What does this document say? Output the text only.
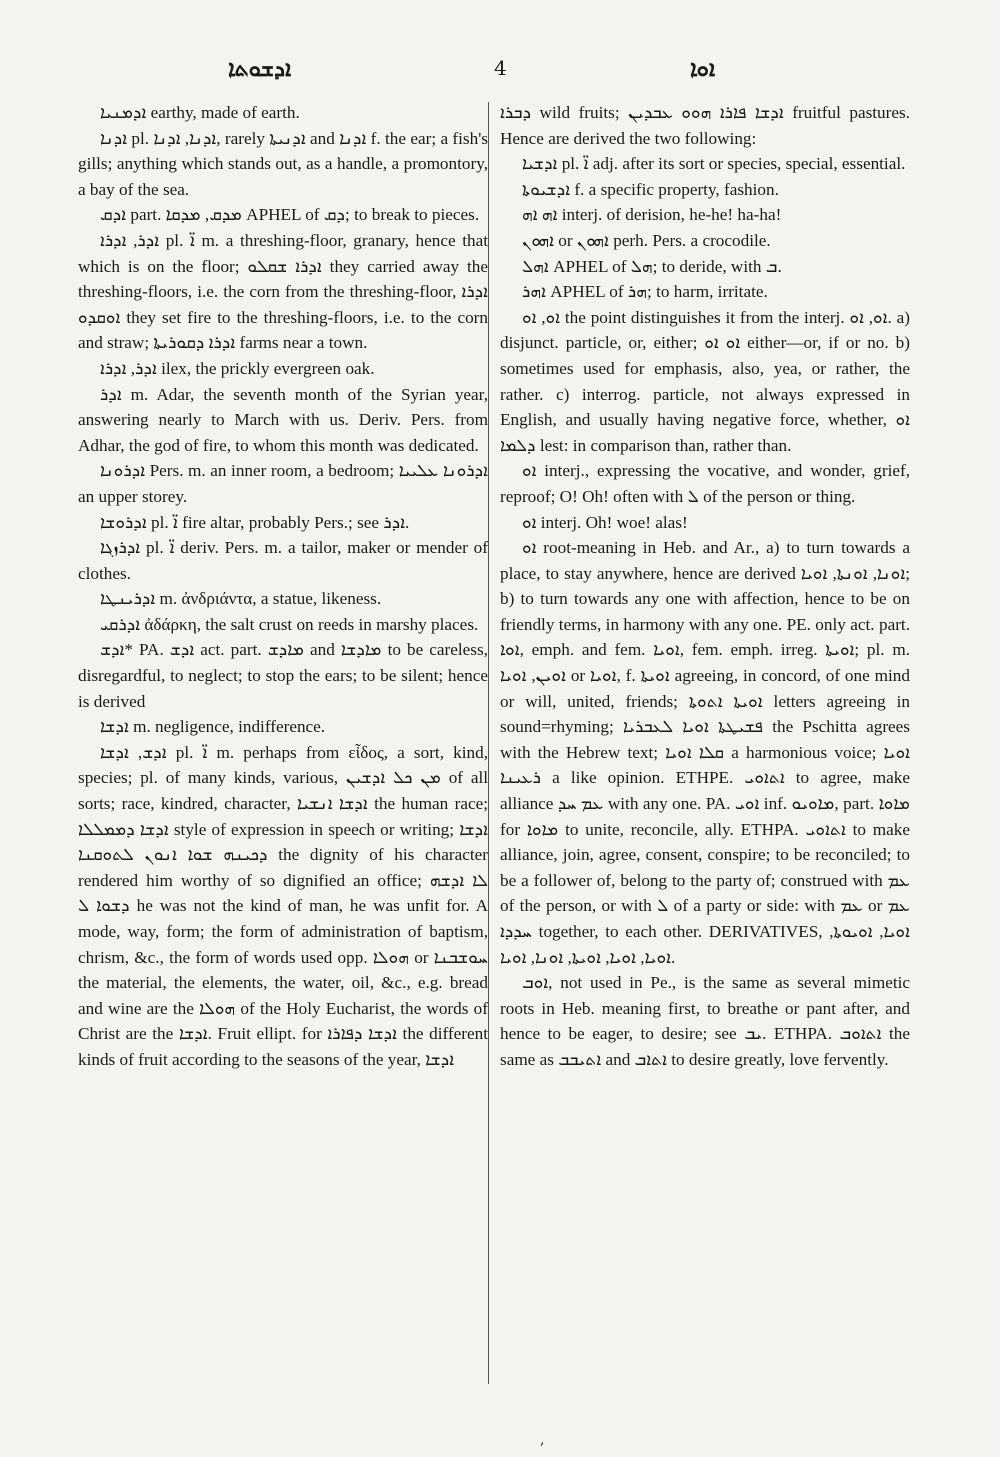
ܐܕܫܘܬܐ	4	ܐܘܐ

ܐܕܡܢܝܐ earthy, made of earth.

ܐܕܢܐ pl. ܐܕܢܐ, ܐܕܢܐ, rarely ܐܕܢܝܬܐ and ܐܕܢܐ f. the ear; a fish's gills; anything which stands out, as a handle, a promontory, a bay of the sea.

ܐܕܩ part. ܡܕܩ, ܡܕܩܐ APHEL of ܕܩ; to break to pieces.

ܐܕܪ, ܐܕܪܐ pl. ܐ̈ m. a threshing-floor, granary, hence that which is on the floor; ܐܕܪܐ ܫܩܠܘ they carried away the threshing-floors, i.e. the corn from the threshing-floor, ܐܕܪܐ ܐܘܩܕܘ they set fire to the threshing-floors, i.e. to the corn and straw; ܐܕܪܐ ܕܩܘܪܝܬܐ farms near a town.

ܐܕܪ, ܐܕܪܐ ilex, the prickly evergreen oak.

ܐܕܪ m. Adar, the seventh month of the Syrian year, answering nearly to March with us. Deriv. Pers. from Adhar, the god of fire, to whom this month was dedicated.

ܐܕܪܘܢܐ Pers. m. an inner room, a bedroom; ܐܕܪܘܢܐ ܥܠܝܝܐ an upper storey.

ܐܕܪܘܫܐ pl. ܐ̈ fire altar, probably Pers.; see ܐܕܪ.

ܐܕܪܙܓܐ pl. ܐ̈ deriv. Pers. m. a tailor, maker or mender of clothes.

ܐܕܪܝܢܛܐ m. ἀνδριάντα, a statue, likeness.

ܐܕܪܩܝ ἀδάρκη, the salt crust on reeds in marshy places.

ܐܕܫ* PA. ܐܕܫ act. part. ܡܐܕܫ and ܡܐܕܫܐ to be careless, disregardful, to neglect; to stop the ears; to be silent; hence is derived

ܐܕܫܐ m. negligence, indifference.

ܐܕܫ, ܐܕܫܐ pl. ܐ̈ m. perhaps from εἶδος, a sort, kind, species; pl. of many kinds, various, ܡܢ ܟܠ ܐܕܫܝܢ of all sorts; race, kindred, character, ܐܕܫܐ ܐܢܫܝܐ the human race; ܐܕܫܐ ܕܡܡܠܠܐ style of expression in speech or writing; ܐܕܫܐ ܕܟܝܢܗ ܫܘܐ ܐܢܘܢ ܠܬܘܩܢܐ the dignity of his character rendered him worthy of so dignified an office; ܠܐ ܐܕܫܗ ܕܫܘܐ ܠ he was not the kind of man, he was unfit for. A mode, way, form; the form of administration of baptism, chrism, &c., the form of words used opp. ܗܘܠܐ or ܚܘܫܒܢܐ the material, the elements, the water, oil, &c., e.g. bread and wine are the ܗܘܠܐ of the Holy Eucharist, the words of Christ are the ܐܕܫܐ. Fruit ellipt. for ܐܕܫܐ ܕܦܐܪܐ the different kinds of fruit according to the seasons of the year, ܐܕܫܐ

ܕܒܪܐ wild fruits; ܐܕܫܐ ܦܐܪܐ ܗܘܘ ܥܒܕܝܢ fruitful pastures. Hence are derived the two following:

ܐܕܫܝܐ pl. ܐ̈ adj. after its sort or species, special, essential.

ܐܕܫܝܘܬܐ f. a specific property, fashion.

ܐܗ ܐܗ interj. of derision, he-he! ha-ha!

ܐܗܘܢ or ܐܗܘܢ perh. Pers. a crocodile.

ܐܗܠ APHEL of ܗܠ; to deride, with ܒ.

ܐܗܪ APHEL of ܗܪ; to harm, irritate.

ܐܘ, ܐܘ the point distinguishes it from the interj. ܐܘ, ܐܘ. a) disjunct. particle, or, either; ܐܘ ܐܘ either—or, if or no. b) sometimes used for emphasis, also, yea, or rather, the rather. c) interrog. particle, not always expressed in English, and usually having negative force, whether, ܐܘ ܕܠܡܐ lest: in comparison than, rather than.

ܐܘ interj., expressing the vocative, and wonder, grief, reproof; O! Oh! often with ܠ of the person or thing.

ܐܘ interj. Oh! woe! alas!

ܐܘ root-meaning in Heb. and Ar., a) to turn towards a place, to stay anywhere, hence are derived ܐܘܢܐ, ܐܘܢܬܐ, ܐܘܝܐ; b) to turn towards any one with affection, hence to be on friendly terms, in harmony with any one. PE. only act. part. ܐܘܐ, emph. and fem. ܐܘܝܐ, fem. emph. irreg. ܐܘܝܬܐ; pl. m. ܐܘܝܢ, ܐܘܝܐ or ܐܘܝܐ, f. ܐܘܝܬܐ agreeing, in concord, of one mind or will, united, friends; ܐܘܝܬܐ ܐܬܘܬܐ letters agreeing in sound=rhyming; ܦܫܝܛܬܐ ܐܘܝܐ ܠܥܒܪܝܐ the Pschitta agrees with the Hebrew text; ܩܠܐ ܐܘܝܐ a harmonious voice; ܐܘܝܐ ܪܥܝܢܐ a like opinion. ETHPE. ܐܬܐܘܝ to agree, make alliance ܥܡ ܚܕ with any one. PA. ܐܘܝ inf. ܡܐܘܝܘ, part. ܡܐܘܐ for ܡܐܘܐ to unite, reconcile, ally. ETHPA. ܐܬܐܘܝ to make alliance, join, agree, consent, conspire; to be reconciled; to be a follower of, belong to the party of; construed with ܥܡ of the person, or with ܠ of a party or side: with ܥܡ or ܥܡ ܚܕܕܐ together, to each other. DERIVATIVES, ܐܘܝܐ, ܐܘܝܘܬܐ, ܐܘܝܐ, ܐܘܝܐ, ܐܘܝܬܐ, ܐܘܢܐ, ܐܘܝܐ.

ܐܘܒ, not used in Pe., is the same as several mimetic roots in Heb. meaning first, to breathe or pant after, and hence to be eager, to desire; see ܝܒ. ETHPA. ܐܬܐܘܒ the same as ܐܬܝܒܒ and ܐܬܐܒ to desire greatly, love fervently.

,
